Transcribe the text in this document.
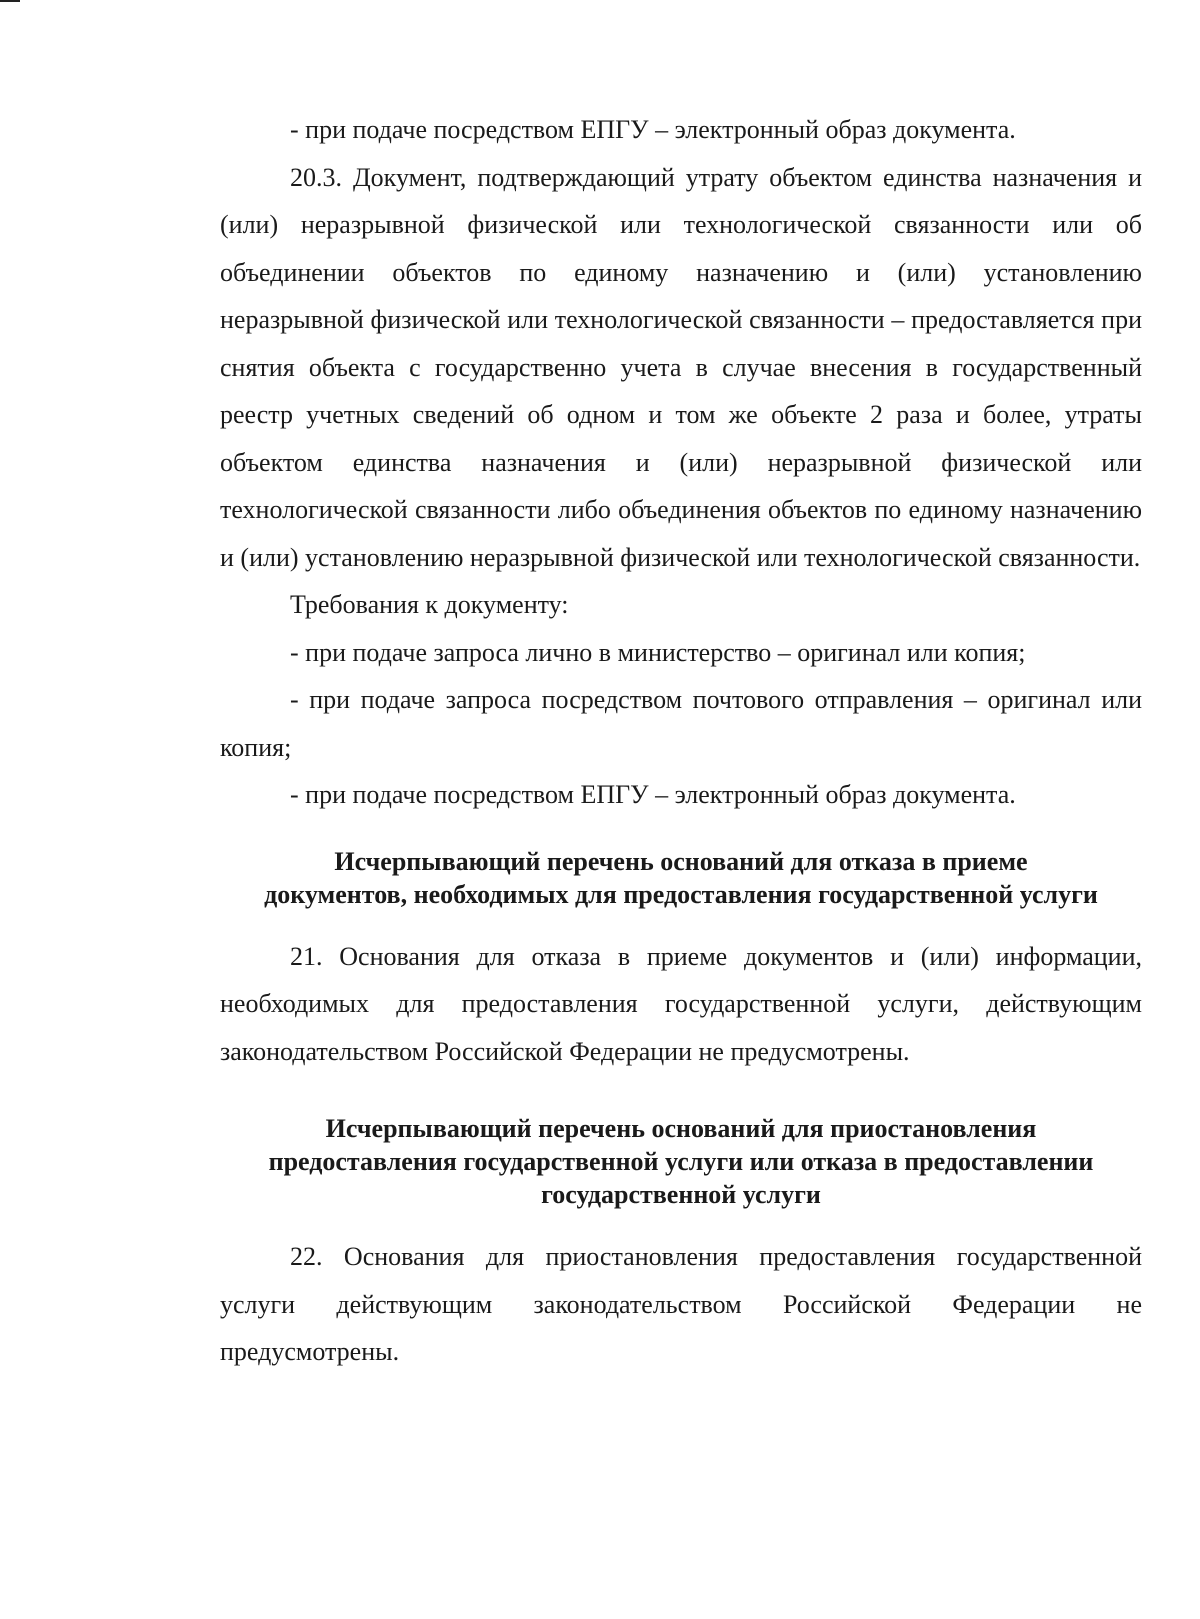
- при подаче посредством ЕПГУ – электронный образ документа.

20.3. Документ, подтверждающий утрату объектом единства назначения и (или) неразрывной физической или технологической связанности или об объединении объектов по единому назначению и (или) установлению неразрывной физической или технологической связанности – предоставляется при снятия объекта с государственно учета в случае внесения в государственный реестр учетных сведений об одном и том же объекте 2 раза и более, утраты объектом единства назначения и (или) неразрывной физической или технологической связанности либо объединения объектов по единому назначению и (или) установлению неразрывной физической или технологической связанности.

Требования к документу:

- при подаче запроса лично в министерство – оригинал или копия;

- при подаче запроса посредством почтового отправления – оригинал или копия;

- при подаче посредством ЕПГУ – электронный образ документа.

Исчерпывающий перечень оснований для отказа в приеме
документов, необходимых для предоставления государственной услуги

21. Основания для отказа в приеме документов и (или) информации, необходимых для предоставления государственной услуги, действующим законодательством Российской Федерации не предусмотрены.

Исчерпывающий перечень оснований для приостановления
предоставления государственной услуги или отказа в предоставлении
государственной услуги

22. Основания для приостановления предоставления государственной услуги действующим законодательством Российской Федерации не предусмотрены.
